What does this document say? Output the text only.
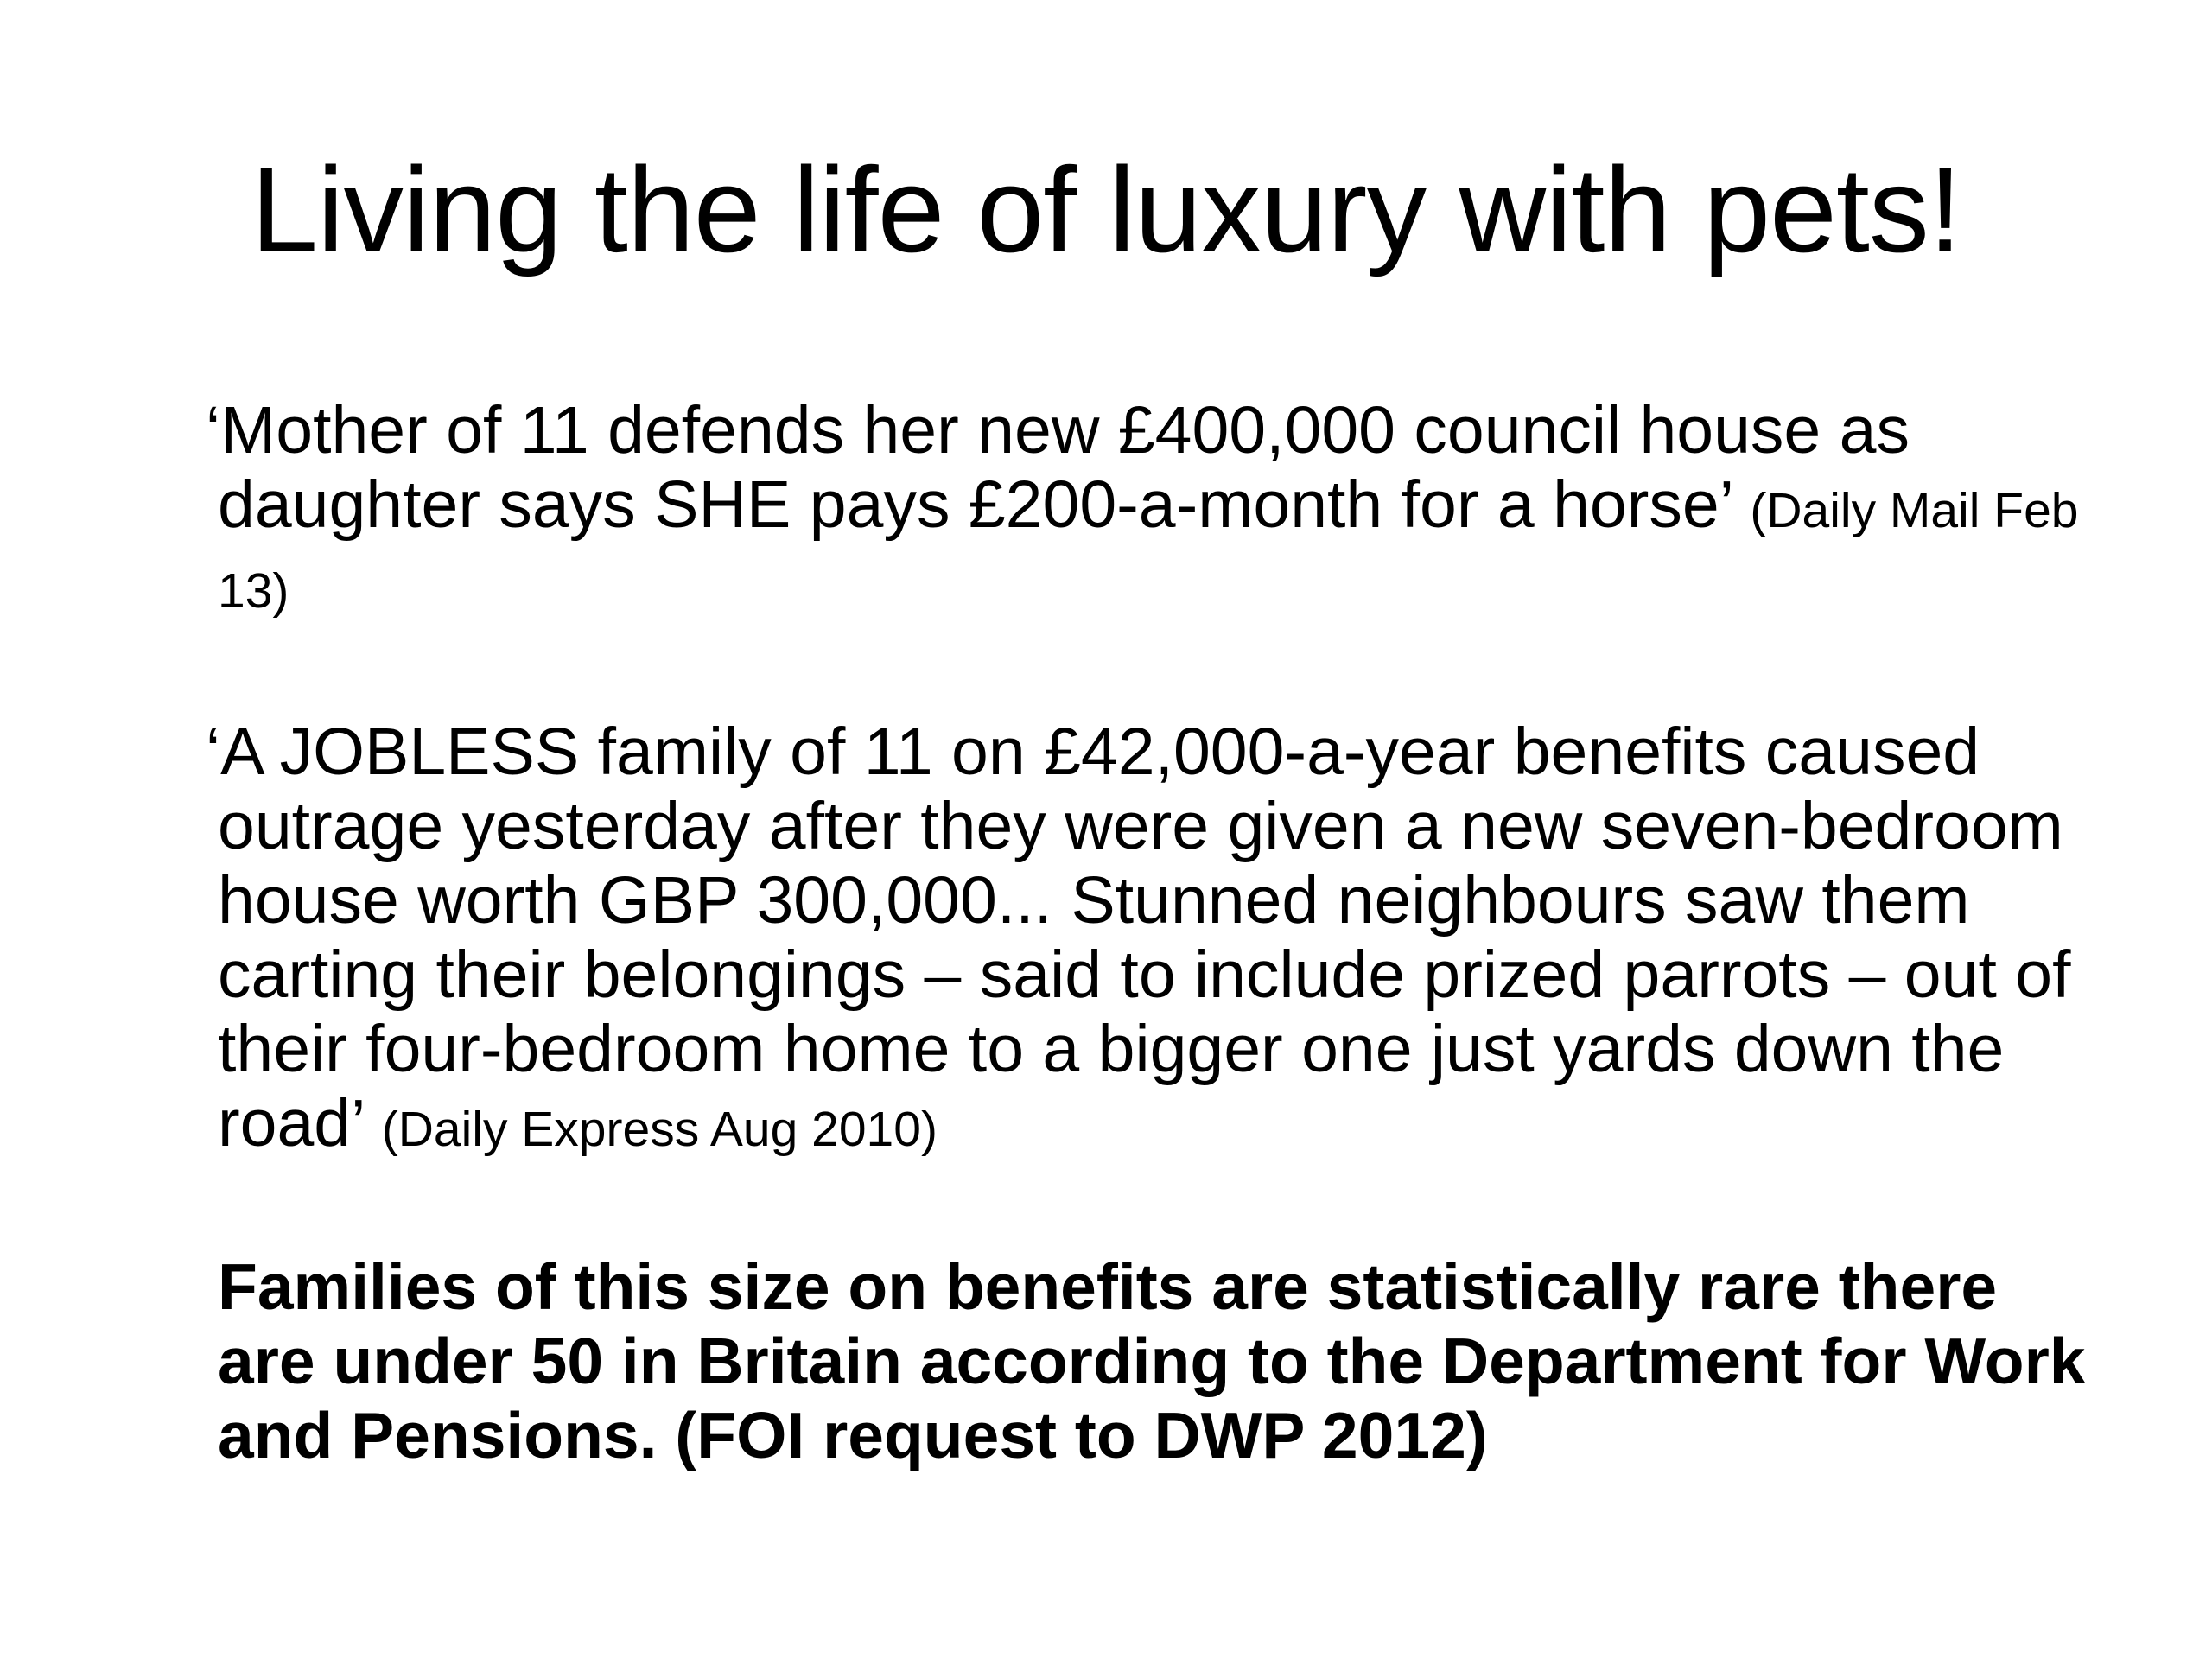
Living the life of luxury with pets!

‘Mother of 11 defends her new £400,000 council house as daughter says SHE pays £200-a-month for a horse’ (Daily Mail Feb 13)

‘A JOBLESS family of 11 on £42,000-a-year benefits caused outrage yesterday after they were given a new seven-bedroom house worth GBP 300,000... Stunned neighbours saw them carting their belongings – said to include prized parrots – out of their four-bedroom home to a bigger one just yards down the road’ (Daily Express Aug 2010)

Families of this size on benefits are statistically rare there are under 50 in Britain according to the Department for Work and Pensions. (FOI request to DWP 2012)
